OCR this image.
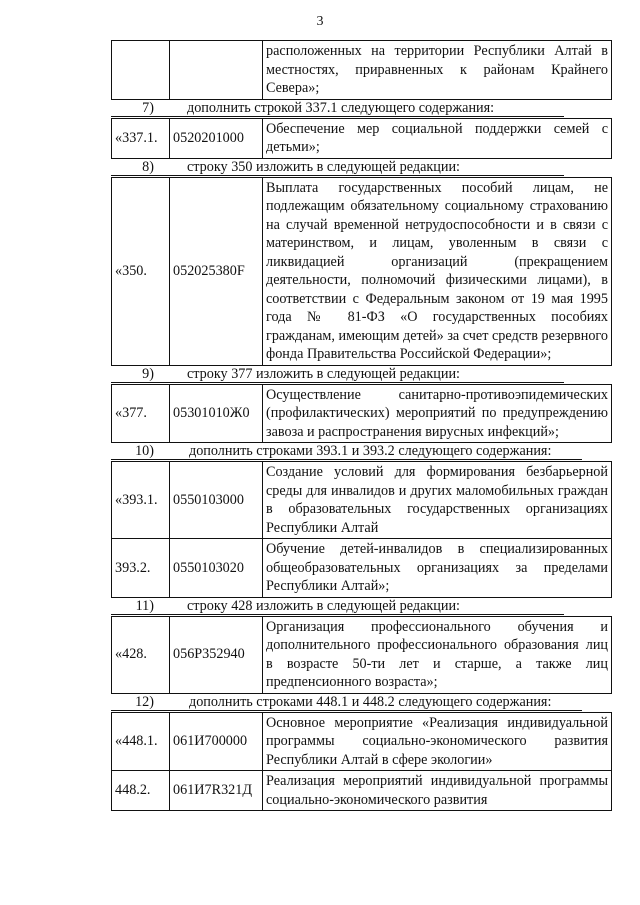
3
		расположенных на территории Республики Алтай в местностях, приравненных к районам Крайнего Севера»;
7) дополнить строкой 337.1 следующего содержания:
«337.1.	0520201000	Обеспечение мер социальной поддержки семей с детьми»;
8) строку 350 изложить в следующей редакции:
«350.	052025380F	Выплата государственных пособий лицам, не подлежащим обязательному социальному страхованию на случай временной нетрудоспособности и в связи с материнством, и лицам, уволенным в связи с ликвидацией организаций (прекращением деятельности, полномочий физическими лицами), в соответствии с Федеральным законом от 19 мая 1995 года № 81-ФЗ «О государственных пособиях гражданам, имеющим детей» за счет средств резервного фонда Правительства Российской Федерации»;
9) строку 377 изложить в следующей редакции:
«377.	05301010Ж0	Осуществление санитарно-противоэпидемических (профилактических) мероприятий по предупреждению завоза и распространения вирусных инфекций»;
10) дополнить строками 393.1 и 393.2 следующего содержания:
«393.1.	0550103000	Создание условий для формирования безбарьерной среды для инвалидов и других маломобильных граждан в образовательных государственных организациях Республики Алтай
393.2.	0550103020	Обучение детей-инвалидов в специализированных общеобразовательных организациях за пределами Республики Алтай»;
11) строку 428 изложить в следующей редакции:
«428.	056P352940	Организация профессионального обучения и дополнительного профессионального образования лиц в возрасте 50-ти лет и старше, а также лиц предпенсионного возраста»;
12) дополнить строками 448.1 и 448.2 следующего содержания:
«448.1.	061И700000	Основное мероприятие «Реализация индивидуальной программы социально-экономического развития Республики Алтай в сфере экологии»
448.2.	061И7R321Д	Реализация мероприятий индивидуальной программы социально-экономического развития
